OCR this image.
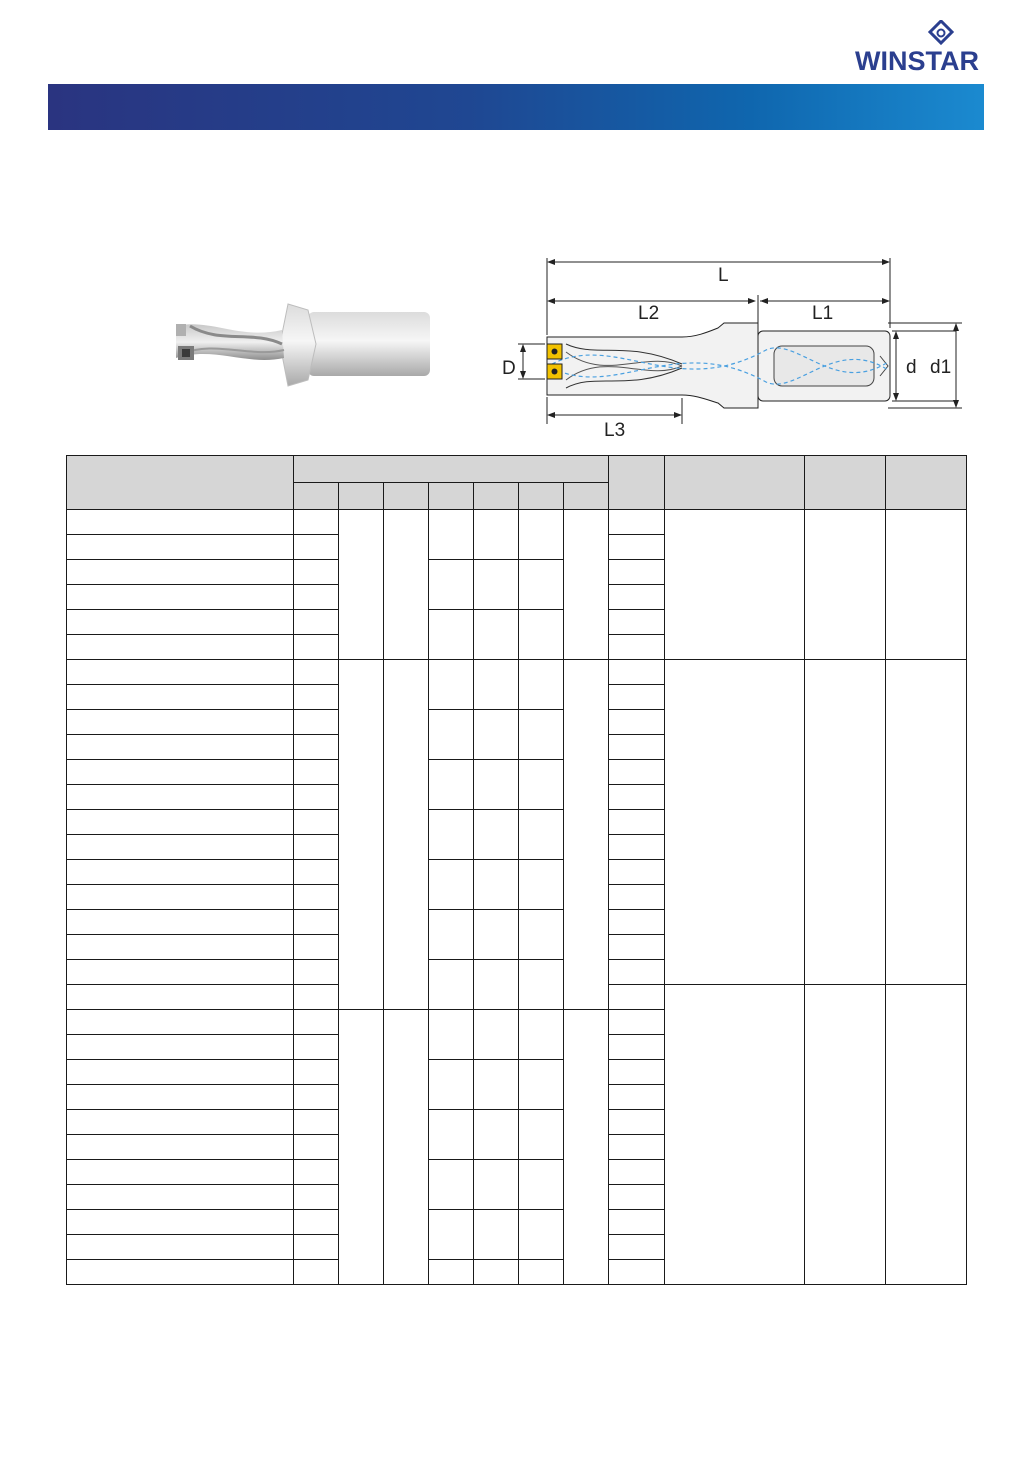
WINSTAR
L
L2	L1
L3
D	d d1
